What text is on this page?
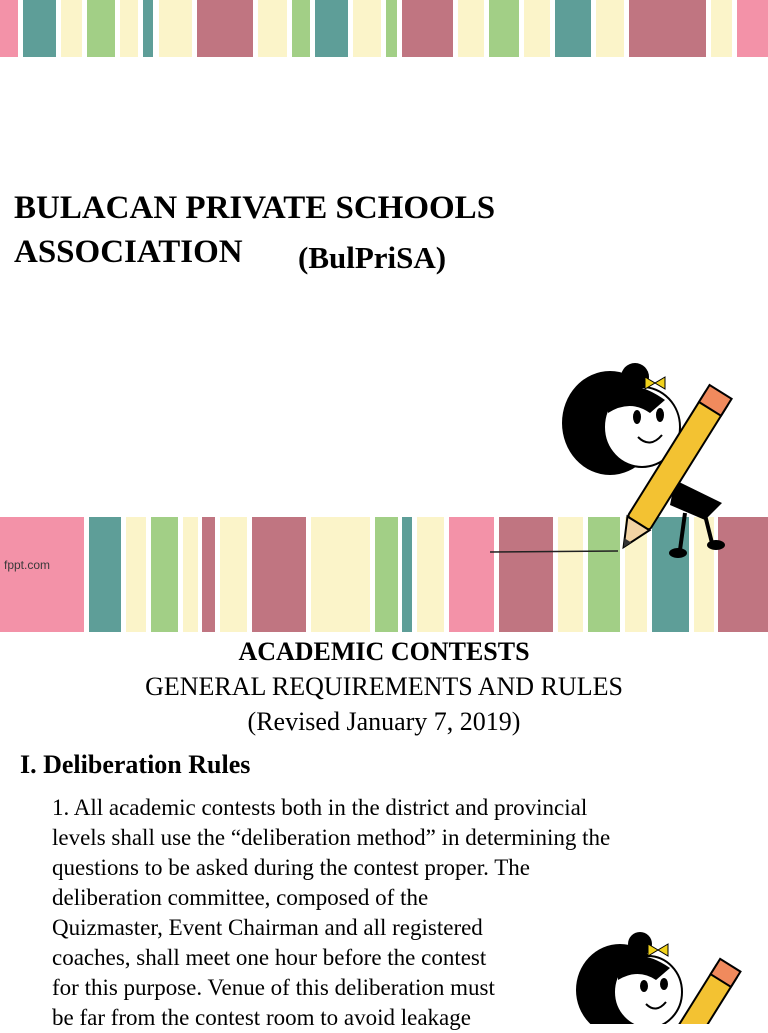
BULACAN PRIVATE SCHOOLS
ASSOCIATION	(BulPriSA)
fppt.com
ACADEMIC CONTESTS
GENERAL REQUIREMENTS AND RULES
(Revised January 7, 2019)
I. Deliberation Rules
1. All academic contests both in the district and provincial
levels shall use the “deliberation method” in determining the
questions to be asked during the contest proper. The
deliberation committee, composed of the
Quizmaster, Event Chairman and all registered
coaches, shall meet one hour before the contest
for this purpose. Venue of this deliberation must
be far from the contest room to avoid leakage
